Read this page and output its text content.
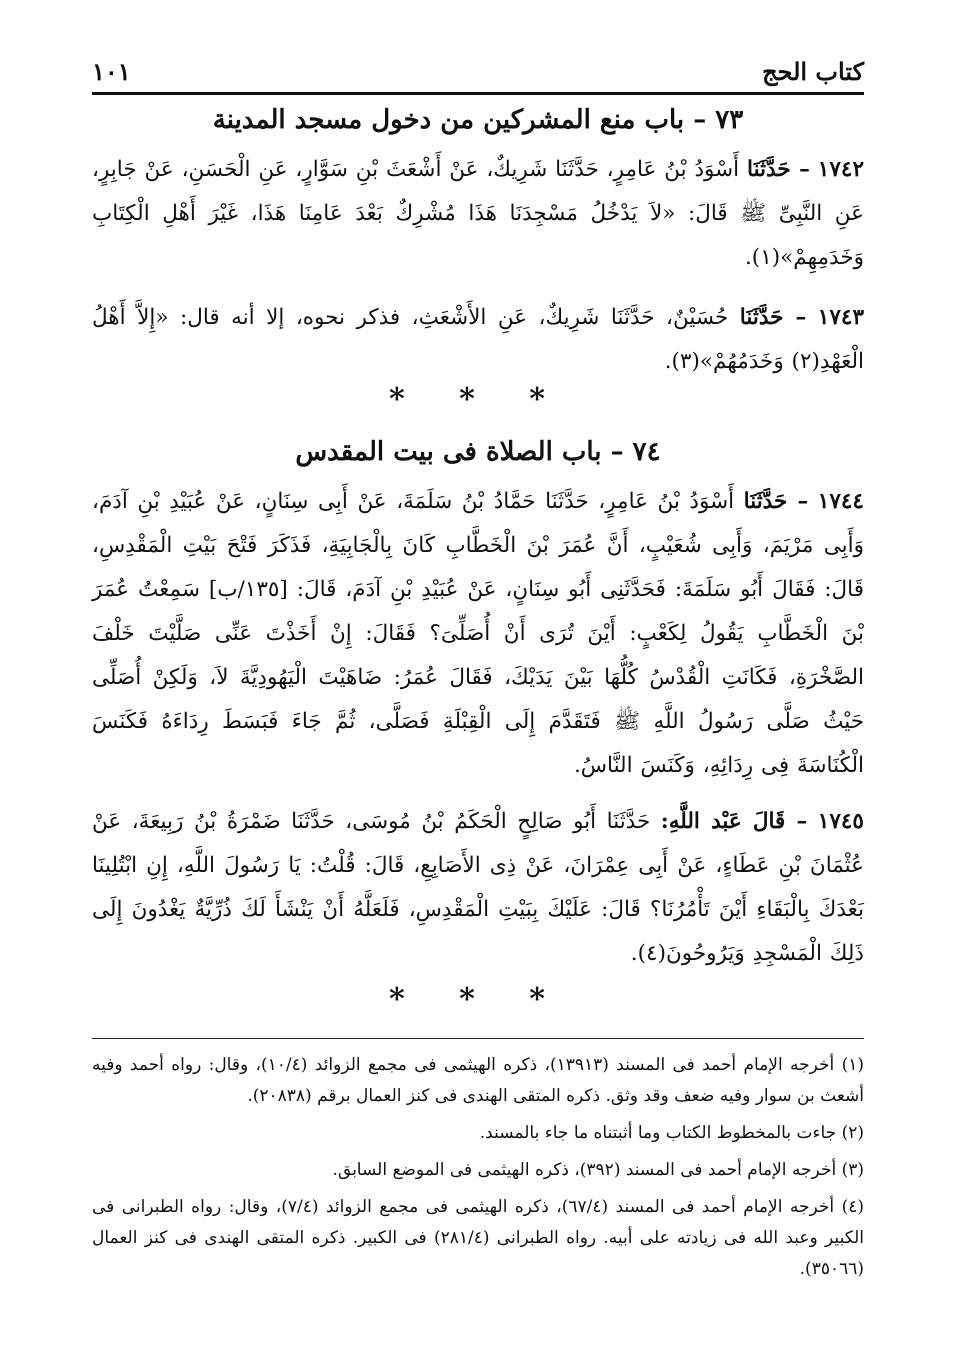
كتاب الحج
١٠١
٧٣ – باب منع المشركين من دخول مسجد المدينة
١٧٤٢ – حَدَّثَنَا أَسْوَدُ بْنُ عَامِرٍ، حَدَّثَنَا شَرِيكٌ، عَنْ أَشْعَثَ بْنِ سَوَّارٍ، عَنِ الْحَسَنِ، عَنْ جَابِرٍ، عَنِ النَّبِىِّ ﷺ قَالَ: «لاَ يَدْخُلُ مَسْجِدَنَا هَذَا مُشْرِكٌ بَعْدَ عَامِنَا هَذَا، غَيْرَ أَهْلِ الْكِتَابِ وَخَدَمِهِمْ»(١).
١٧٤٣ – حَدَّثَنَا حُسَيْنٌ، حَدَّثَنَا شَرِيكٌ، عَنِ الأَشْعَثِ، فذكر نحوه، إلا أنه قال: «إِلاَّ أَهْلُ الْعَهْدِ(٢) وَخَدَمُهُمْ»(٣).
* * *
٧٤ – باب الصلاة فى بيت المقدس
١٧٤٤ – حَدَّثَنَا أَسْوَدُ بْنُ عَامِرٍ، حَدَّثَنَا حَمَّادُ بْنُ سَلَمَةَ، عَنْ أَبِى سِنَانٍ، عَنْ عُبَيْدِ بْنِ آدَمَ، وَأَبِى مَرْيَمَ، وَأَبِى شُعَيْبٍ، أَنَّ عُمَرَ بْنَ الْخَطَّابِ كَانَ بِالْجَابِيَةِ، فَذَكَرَ فَتْحَ بَيْتِ الْمَقْدِسِ، قَالَ: فَقَالَ أَبُو سَلَمَةَ: فَحَدَّثَنِى أَبُو سِنَانٍ، عَنْ عُبَيْدِ بْنِ آدَمَ، قَالَ: [١٣٥/ب] سَمِعْتُ عُمَرَ بْنَ الْخَطَّابِ يَقُولُ لِكَعْبٍ: أَيْنَ تُرَى أَنْ أُصَلِّىَ؟ فَقَالَ: إِنْ أَخَذْتَ عَنِّى صَلَّيْتَ خَلْفَ الصَّخْرَةِ، فَكَانَتِ الْقُدْسُ كُلُّهَا بَيْنَ يَدَيْكَ، فَقَالَ عُمَرُ: ضَاهَيْتَ الْيَهُودِيَّةَ لاَ، وَلَكِنْ أُصَلِّى حَيْثُ صَلَّى رَسُولُ اللَّهِ ﷺ فَتَقَدَّمَ إِلَى الْقِبْلَةِ فَصَلَّى، ثُمَّ جَاءَ فَبَسَطَ رِدَاءَهُ فَكَنَسَ الْكُنَاسَةَ فِى رِدَائِهِ، وَكَنَسَ النَّاسُ.
١٧٤٥ – قَالَ عَبْد اللَّهِ: حَدَّثَنَا أَبُو صَالِحٍ الْحَكَمُ بْنُ مُوسَى، حَدَّثَنَا ضَمْرَةُ بْنُ رَبِيعَةَ، عَنْ عُثْمَانَ بْنِ عَطَاءٍ، عَنْ أَبِى عِمْرَانَ، عَنْ ذِى الأَصَابِعِ، قَالَ: قُلْتُ: يَا رَسُولَ اللَّهِ، إِنِ ابْتُلِينَا بَعْدَكَ بِالْبَقَاءِ أَيْنَ تَأْمُرُنَا؟ قَالَ: عَلَيْكَ بِبَيْتِ الْمَقْدِسِ، فَلَعَلَّهُ أَنْ يَنْشَأَ لَكَ ذُرِّيَّةٌ يَغْدُونَ إِلَى ذَلِكَ الْمَسْجِدِ وَيَرُوحُونَ(٤).
* * *

(١) أخرجه الإمام أحمد فى المسند (١٣٩١٣)، ذكره الهيثمى فى مجمع الزوائد (١٠/٤)، وقال: رواه أحمد وفيه أشعث بن سوار وفيه ضعف وقد وثق. ذكره المتقى الهندى فى كنز العمال برقم (٢٠٨٣٨).

(٢) جاءت بالمخطوط الكتاب وما أثبتناه ما جاء بالمسند.

(٣) أخرجه الإمام أحمد فى المسند (٣٩٢)، ذكره الهيثمى فى الموضع السابق.

(٤) أخرجه الإمام أحمد فى المسند (٦٧/٤)، ذكره الهيثمى فى مجمع الزوائد (٧/٤)، وقال: رواه الطبرانى فى الكبير وعبد الله فى زيادته على أبيه. رواه الطبرانى (٢٨١/٤) فى الكبير. ذكره المتقى الهندى فى كنز العمال (٣٥٠٦٦).
